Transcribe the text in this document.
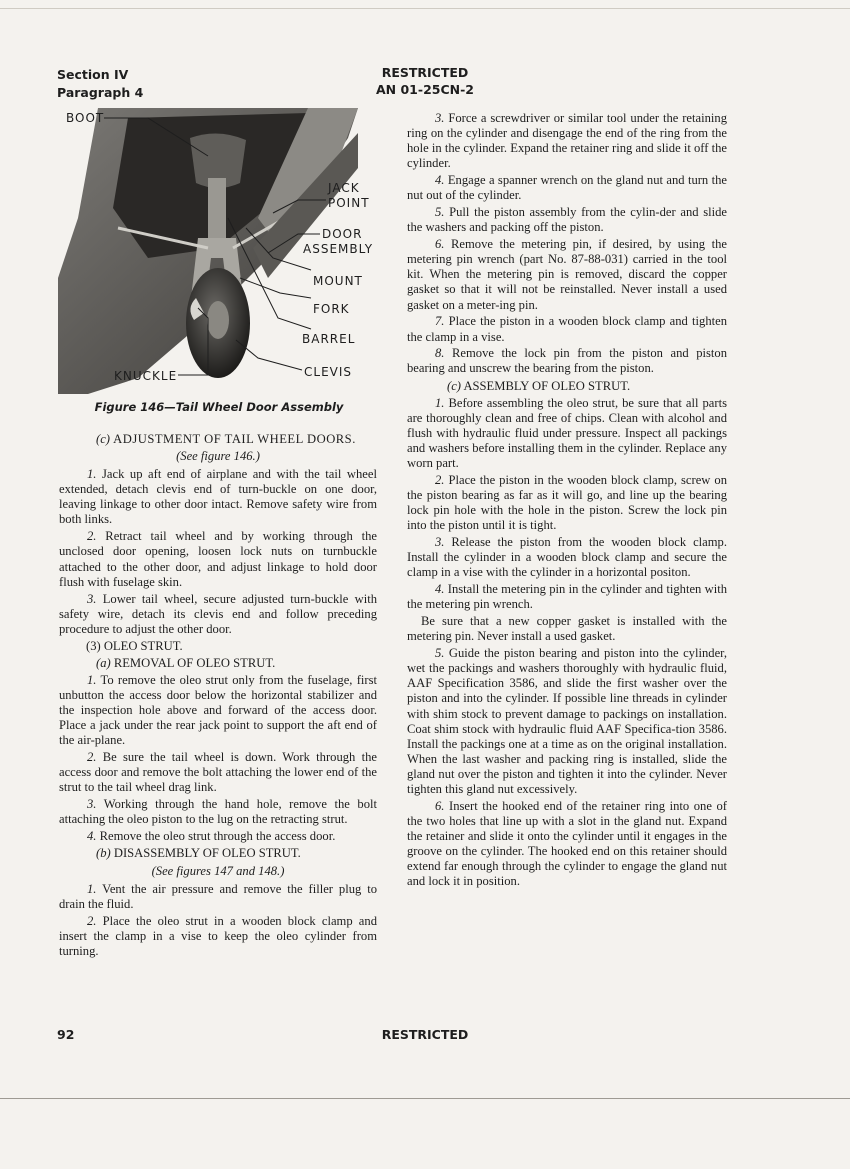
Section IV
Paragraph 4
RESTRICTED
AN 01-25CN-2
BOOT
JACK
POINT
DOOR
ASSEMBLY
MOUNT
FORK
BARREL
CLEVIS
KNUCKLE
Figure 146—Tail Wheel Door Assembly

(c) ADJUSTMENT OF TAIL WHEEL DOORS.

(See figure 146.)

1. Jack up aft end of airplane and with the tail wheel extended, detach clevis end of turn-buckle on one door, leaving linkage to other door intact. Remove safety wire from both links.

2. Retract tail wheel and by working through the unclosed door opening, loosen lock nuts on turnbuckle attached to the other door, and adjust linkage to hold door flush with fuselage skin.

3. Lower tail wheel, secure adjusted turn-buckle with safety wire, detach its clevis end and follow preceding procedure to adjust the other door.

(3) OLEO STRUT.

(a) REMOVAL OF OLEO STRUT.

1. To remove the oleo strut only from the fuselage, first unbutton the access door below the horizontal stabilizer and the inspection hole above and forward of the access door. Place a jack under the rear jack point to support the aft end of the air-plane.

2. Be sure the tail wheel is down. Work through the access door and remove the bolt attaching the lower end of the strut to the tail wheel drag link.

3. Working through the hand hole, remove the bolt attaching the oleo piston to the lug on the retracting strut.

4. Remove the oleo strut through the access door.

(b) DISASSEMBLY OF OLEO STRUT.

(See figures 147 and 148.)

1. Vent the air pressure and remove the filler plug to drain the fluid.

2. Place the oleo strut in a wooden block clamp and insert the clamp in a vise to keep the oleo cylinder from turning.

3. Force a screwdriver or similar tool under the retaining ring on the cylinder and disengage the end of the ring from the hole in the cylinder. Expand the retainer ring and slide it off the cylinder.

4. Engage a spanner wrench on the gland nut and turn the nut out of the cylinder.

5. Pull the piston assembly from the cylin-der and slide the washers and packing off the piston.

6. Remove the metering pin, if desired, by using the metering pin wrench (part No. 87-88-031) carried in the tool kit. When the metering pin is removed, discard the copper gasket so that it will not be reinstalled. Never install a used gasket on a meter-ing pin.

7. Place the piston in a wooden block clamp and tighten the clamp in a vise.

8. Remove the lock pin from the piston and piston bearing and unscrew the bearing from the piston.

(c) ASSEMBLY OF OLEO STRUT.

1. Before assembling the oleo strut, be sure that all parts are thoroughly clean and free of chips. Clean with alcohol and flush with hydraulic fluid under pressure. Inspect all packings and washers before installing them in the cylinder. Replace any worn part.

2. Place the piston in the wooden block clamp, screw on the piston bearing as far as it will go, and line up the bearing lock pin hole with the hole in the piston. Screw the lock pin into the piston until it is tight.

3. Release the piston from the wooden block clamp. Install the cylinder in a wooden block clamp and secure the clamp in a vise with the cylinder in a horizontal positon.

4. Install the metering pin in the cylinder and tighten with the metering pin wrench.

Be sure that a new copper gasket is installed with the metering pin. Never install a used gasket.

5. Guide the piston bearing and piston into the cylinder, wet the packings and washers thoroughly with hydraulic fluid, AAF Specification 3586, and slide the first washer over the piston and into the cylinder. If possible line threads in cylinder with shim stock to prevent damage to packings on installation. Coat shim stock with hydraulic fluid AAF Specifica-tion 3586. Install the packings one at a time as on the original installation. When the last washer and packing ring is installed, slide the gland nut over the piston and tighten it into the cylinder. Never tighten this gland nut excessively.

6. Insert the hooked end of the retainer ring into one of the two holes that line up with a slot in the gland nut. Expand the retainer and slide it onto the cylinder until it engages in the groove on the cylinder. The hooked end on this retainer should extend far enough through the cylinder to engage the gland nut and lock it in position.

92	RESTRICTED
